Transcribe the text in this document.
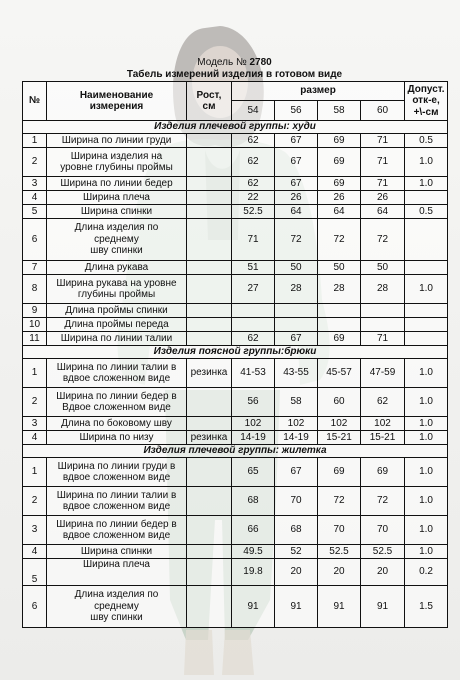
Модель № 2780
Табель измерений изделия в готовом виде
№	Наименование
измерения	Рост,
см	размер				Допуст.
отк-е,
+\-см
			54	56	58	60	
Изделия плечевой группы: худи							
1	Ширина по линии груди		62	67	69	71	0.5
2	Ширина изделия на
уровне глубины проймы		62	67	69	71	1.0
3	Ширина по линии бедер		62	67	69	71	1.0
4	Ширина плеча		22	26	26	26	
5	Ширина спинки		52.5	64	64	64	0.5
6	Длина изделия по
среднему
шву спинки		71	72	72	72	
7	Длина рукава		51	50	50	50	
8	Ширина рукава на уровне
глубины проймы		27	28	28	28	1.0
9	Длина проймы спинки						
10	Длина проймы переда						
11	Ширина по линии талии		62	67	69	71	
Изделия поясной группы:брюки							
1	Ширина по линии талии в
вдвое сложенном виде	резинка	41-53	43-55	45-57	47-59	1.0
2	Ширина по линии бедер в
Вдвое сложенном виде		56	58	60	62	1.0
3	Длина по боковому шву		102	102	102	102	1.0
4	Ширина по низу	резинка	14-19	14-19	15-21	15-21	1.0
Изделия плечевой группы: жилетка							
1	Ширина по линии груди в
вдвое сложенном виде		65	67	69	69	1.0
2	Ширина по линии талии в
вдвое сложенном виде		68	70	72	72	1.0
3	Ширина по линии бедер в
вдвое сложенном виде		66	68	70	70	1.0
4	Ширина спинки		49.5	52	52.5	52.5	1.0
5	Ширина плеча		19.8	20	20	20	0.2
6	Длина изделия по
среднему
шву спинки		91	91	91	91	1.5
